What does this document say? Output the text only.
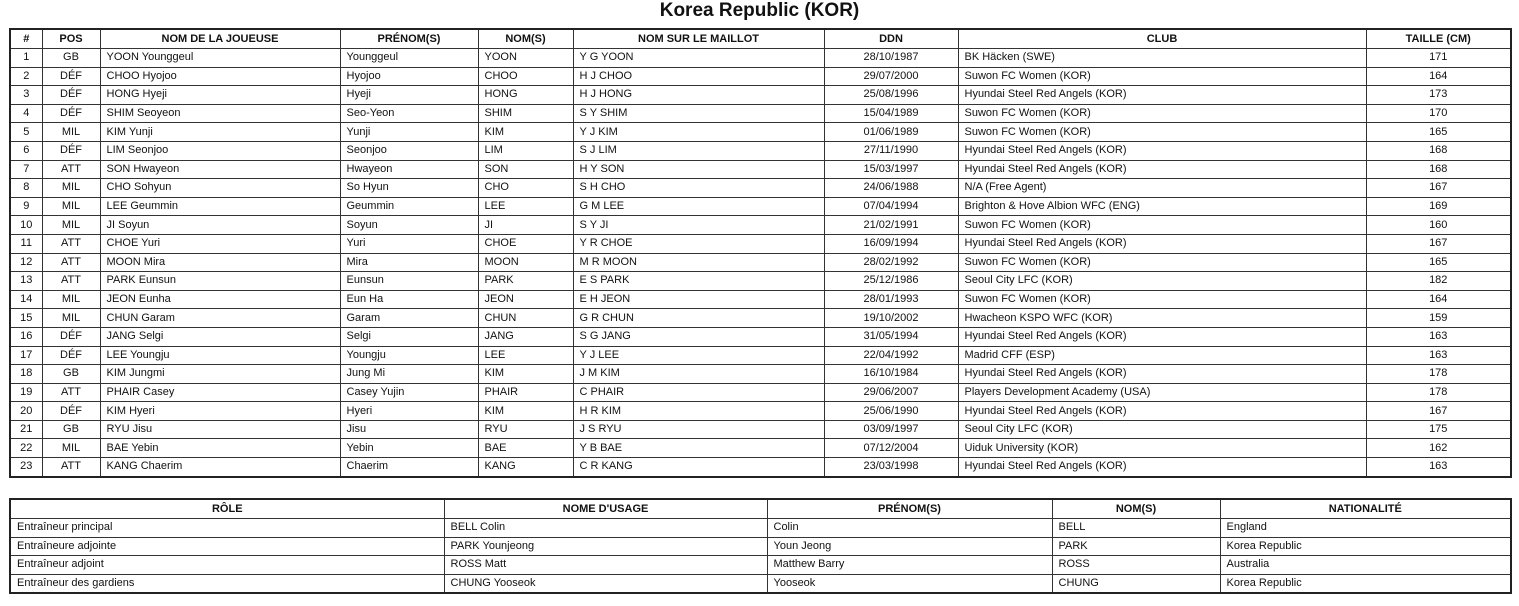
Korea Republic (KOR)
#	POS	NOM DE LA JOUEUSE	PRÉNOM(S)	NOM(S)	NOM SUR LE MAILLOT	DDN	CLUB	TAILLE (CM)
1	GB	YOON Younggeul	Younggeul	YOON	Y G YOON	28/10/1987	BK Häcken (SWE)	171
2	DÉF	CHOO Hyojoo	Hyojoo	CHOO	H J CHOO	29/07/2000	Suwon FC Women (KOR)	164
3	DÉF	HONG Hyeji	Hyeji	HONG	H J HONG	25/08/1996	Hyundai Steel Red Angels (KOR)	173
4	DÉF	SHIM Seoyeon	Seo-Yeon	SHIM	S Y SHIM	15/04/1989	Suwon FC Women (KOR)	170
5	MIL	KIM Yunji	Yunji	KIM	Y J KIM	01/06/1989	Suwon FC Women (KOR)	165
6	DÉF	LIM Seonjoo	Seonjoo	LIM	S J LIM	27/11/1990	Hyundai Steel Red Angels (KOR)	168
7	ATT	SON Hwayeon	Hwayeon	SON	H Y SON	15/03/1997	Hyundai Steel Red Angels (KOR)	168
8	MIL	CHO Sohyun	So Hyun	CHO	S H CHO	24/06/1988	N/A (Free Agent)	167
9	MIL	LEE Geummin	Geummin	LEE	G M LEE	07/04/1994	Brighton & Hove Albion WFC (ENG)	169
10	MIL	JI Soyun	Soyun	JI	S Y JI	21/02/1991	Suwon FC Women (KOR)	160
11	ATT	CHOE Yuri	Yuri	CHOE	Y R CHOE	16/09/1994	Hyundai Steel Red Angels (KOR)	167
12	ATT	MOON Mira	Mira	MOON	M R MOON	28/02/1992	Suwon FC Women (KOR)	165
13	ATT	PARK Eunsun	Eunsun	PARK	E S PARK	25/12/1986	Seoul City LFC (KOR)	182
14	MIL	JEON Eunha	Eun Ha	JEON	E H JEON	28/01/1993	Suwon FC Women (KOR)	164
15	MIL	CHUN Garam	Garam	CHUN	G R CHUN	19/10/2002	Hwacheon KSPO WFC (KOR)	159
16	DÉF	JANG Selgi	Selgi	JANG	S G JANG	31/05/1994	Hyundai Steel Red Angels (KOR)	163
17	DÉF	LEE Youngju	Youngju	LEE	Y J LEE	22/04/1992	Madrid CFF (ESP)	163
18	GB	KIM Jungmi	Jung Mi	KIM	J M KIM	16/10/1984	Hyundai Steel Red Angels (KOR)	178
19	ATT	PHAIR Casey	Casey Yujin	PHAIR	C PHAIR	29/06/2007	Players Development Academy (USA)	178
20	DÉF	KIM Hyeri	Hyeri	KIM	H R KIM	25/06/1990	Hyundai Steel Red Angels (KOR)	167
21	GB	RYU Jisu	Jisu	RYU	J S RYU	03/09/1997	Seoul City LFC (KOR)	175
22	MIL	BAE Yebin	Yebin	BAE	Y B BAE	07/12/2004	Uiduk University (KOR)	162
23	ATT	KANG Chaerim	Chaerim	KANG	C R KANG	23/03/1998	Hyundai Steel Red Angels (KOR)	163
RÔLE	NOME D'USAGE	PRÉNOM(S)	NOM(S)	NATIONALITÉ
Entraîneur principal	BELL Colin	Colin	BELL	England
Entraîneure adjointe	PARK Younjeong	Youn Jeong	PARK	Korea Republic
Entraîneur adjoint	ROSS Matt	Matthew Barry	ROSS	Australia
Entraîneur des gardiens	CHUNG Yooseok	Yooseok	CHUNG	Korea Republic
